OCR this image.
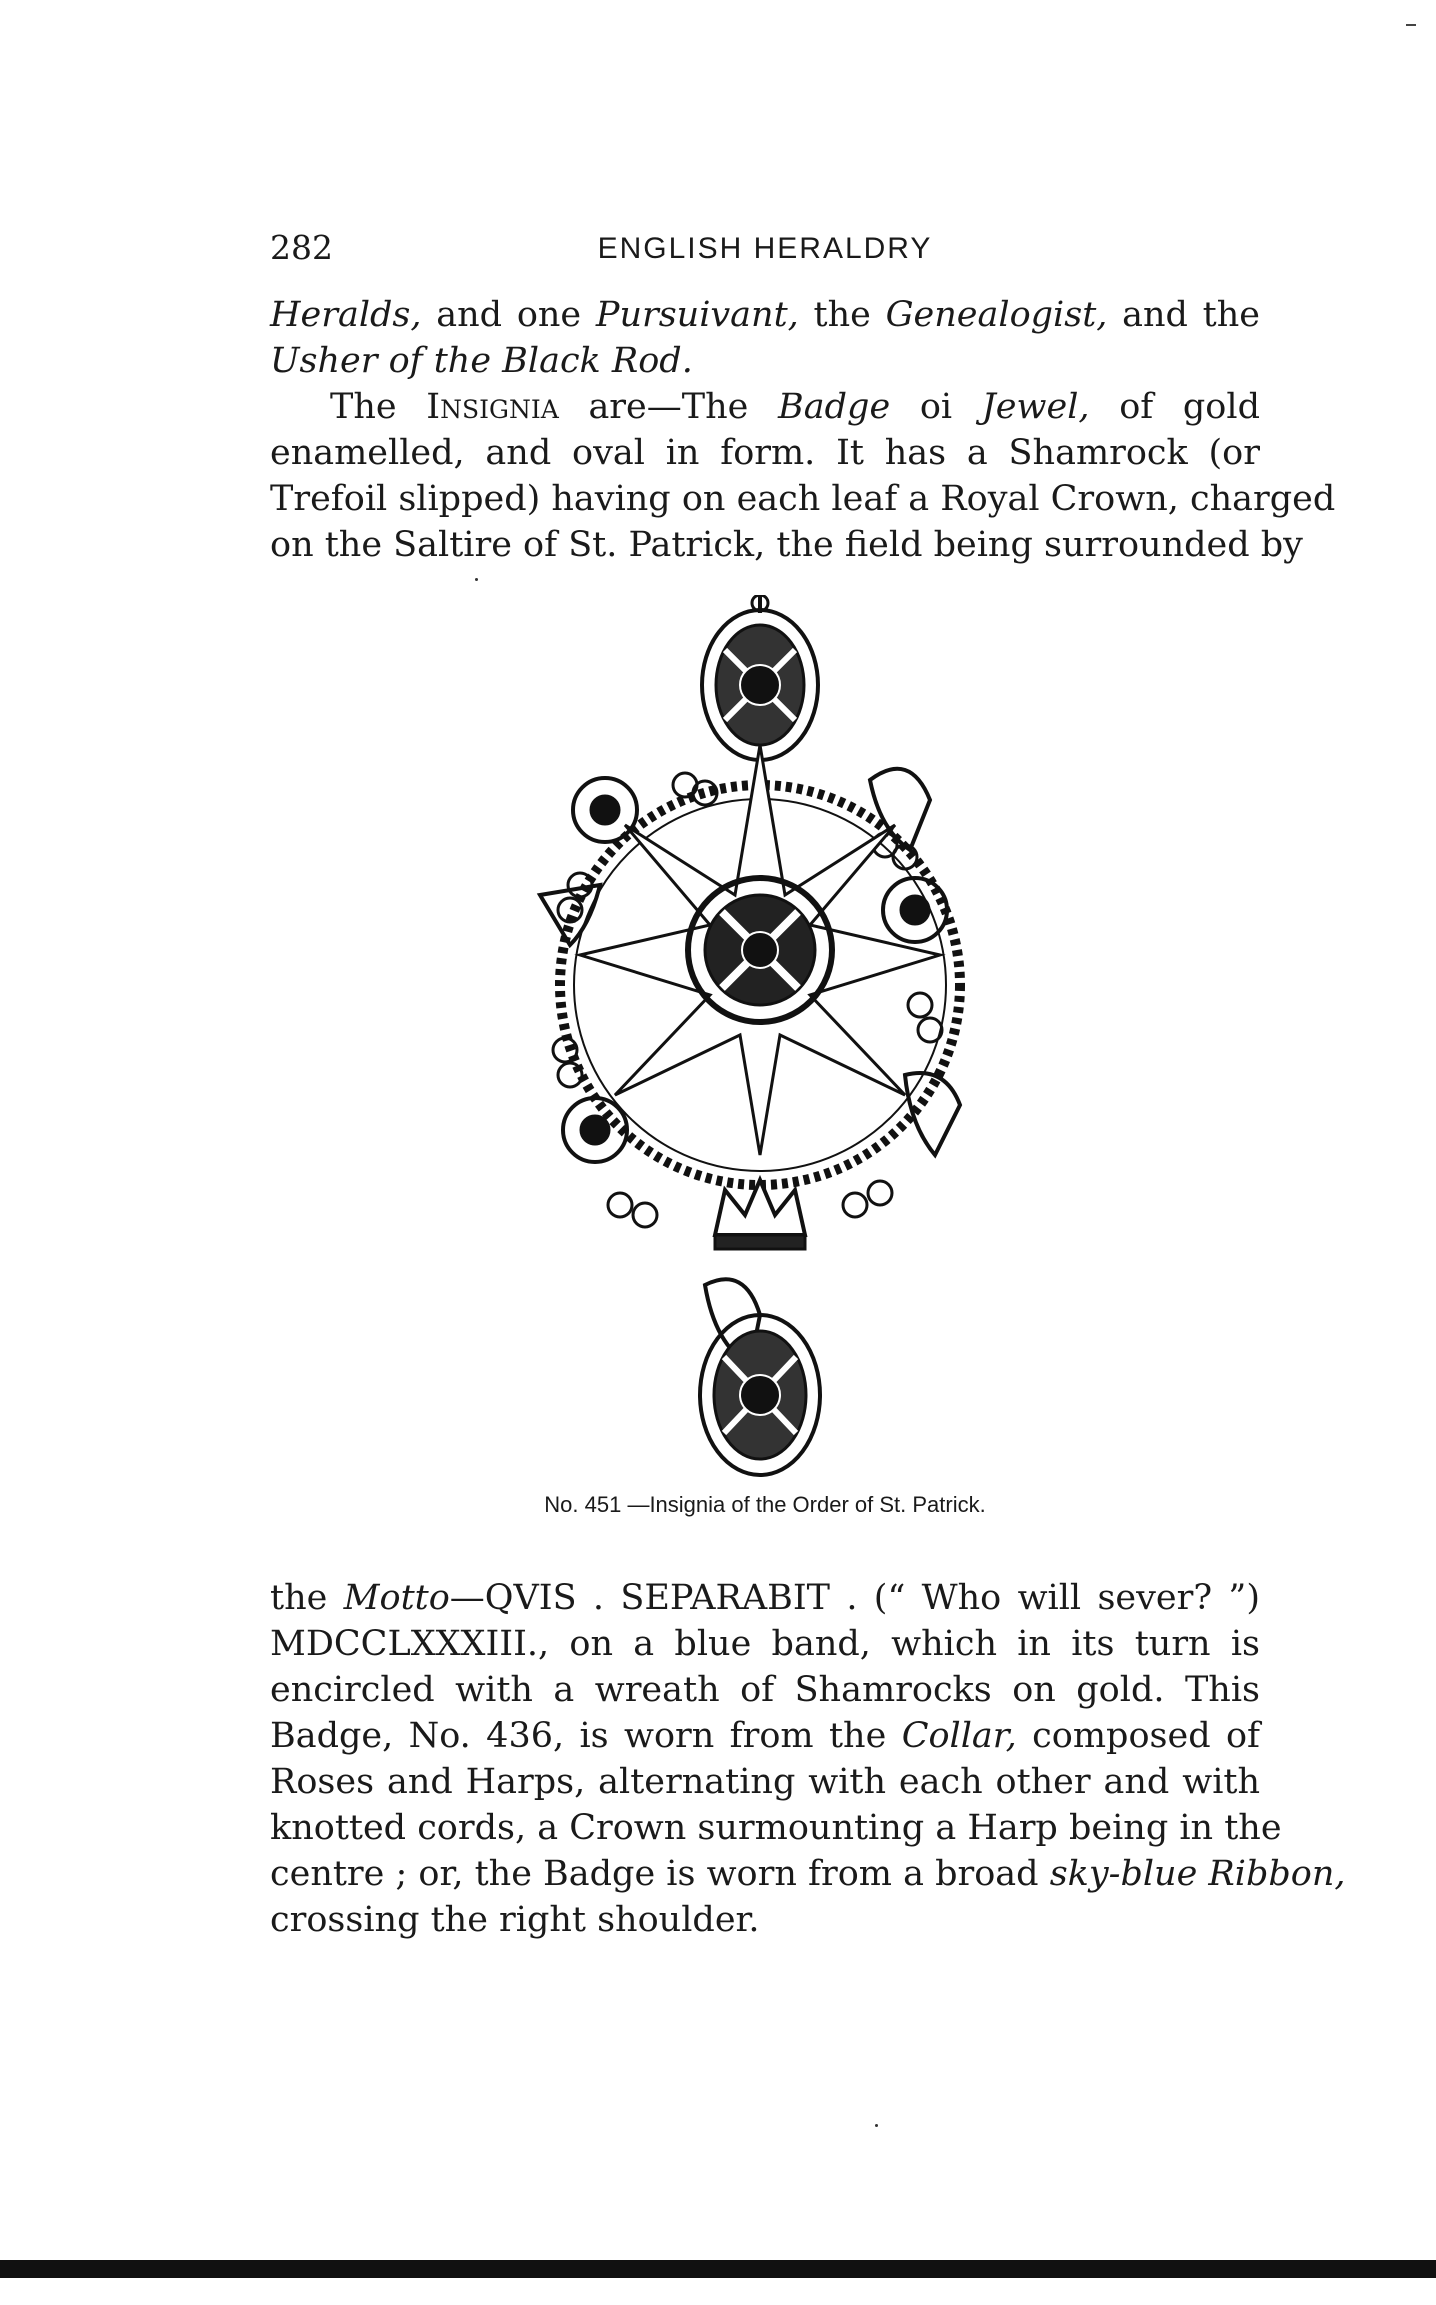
282	ENGLISH HERALDRY
Heralds, and one Pursuivant, the Genealogist, and the
Usher of the Black Rod.
The Insignia are—The Badge oi Jewel, of gold
enamelled, and oval in form. It has a Shamrock (or
Trefoil slipped) having on each leaf a Royal Crown, charged
on the Saltire of St. Patrick, the field being surrounded by
No. 451 —Insignia of the Order of St. Patrick.
the Motto—QVIS . SEPARABIT . (“ Who will sever? ”)
MDCCLXXXIII., on a blue band, which in its turn is
encircled with a wreath of Shamrocks on gold. This
Badge, No. 436, is worn from the Collar, composed of
Roses and Harps, alternating with each other and with
knotted cords, a Crown surmounting a Harp being in the
centre ; or, the Badge is worn from a broad sky-blue Ribbon,
crossing the right shoulder.
